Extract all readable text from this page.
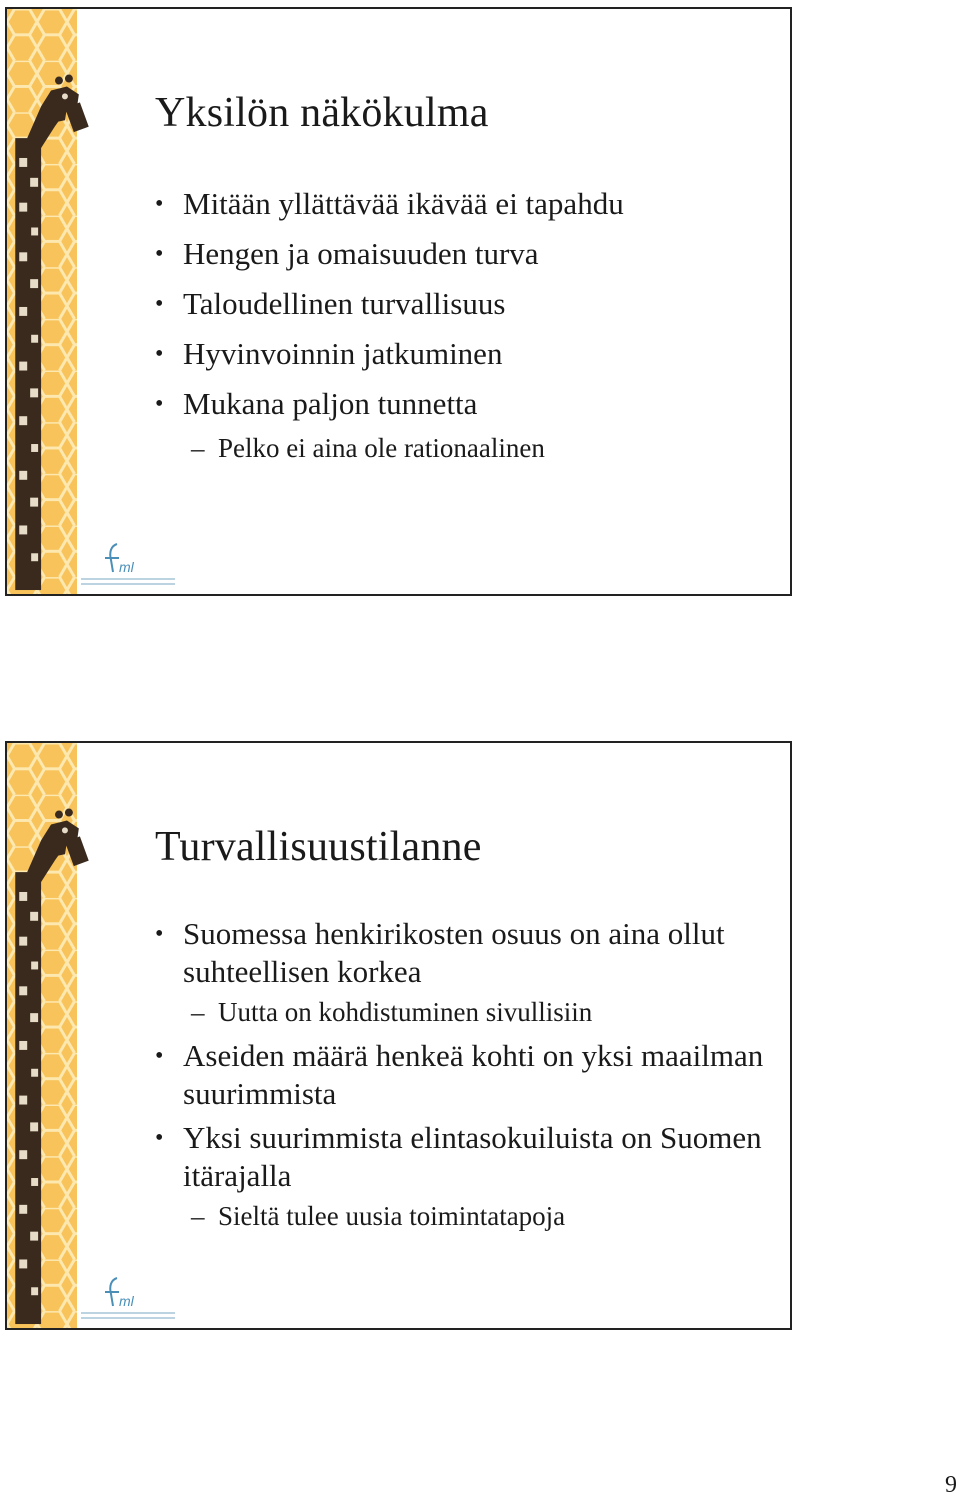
ml
Yksilön näkökulma
• Mitään yllättävää ikävää ei tapahdu
• Hengen ja omaisuuden turva
• Taloudellinen turvallisuus
• Hyvinvoinnin jatkuminen
• Mukana paljon tunnetta
– Pelko ei aina ole rationaalinen
ml
Turvallisuustilanne
• Suomessa henkirikosten osuus on aina ollut suhteellisen korkea
– Uutta on kohdistuminen sivullisiin
• Aseiden määrä henkeä kohti on yksi maailman suurimmista
• Yksi suurimmista elintasokuiluista on Suomen itärajalla
– Sieltä tulee uusia toimintatapoja
9
